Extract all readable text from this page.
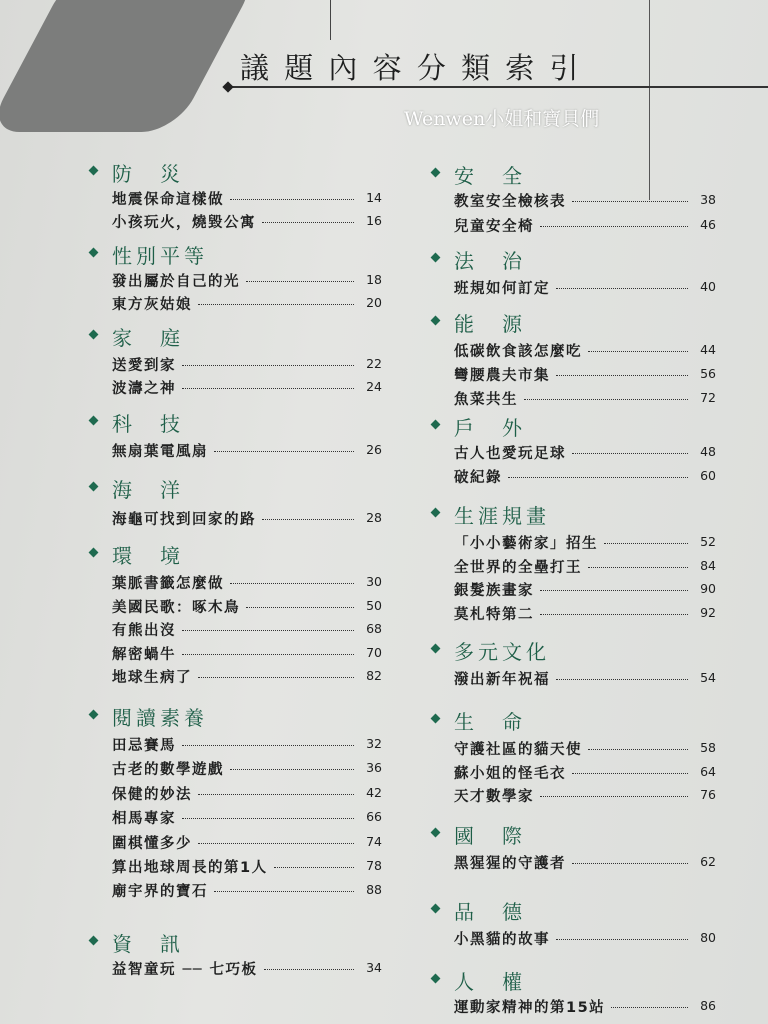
議 題 內 容 分 類 索 引
Wenwen小姐和寶貝們
防　災
地震保命這樣做	14
小孩玩火，燒毀公寓	16
性別平等
發出屬於自己的光	18
東方灰姑娘	20
家　庭
送愛到家	22
波濤之神	24
科　技
無扇葉電風扇	26
海　洋
海龜可找到回家的路	28
環　境
葉脈書籤怎麼做	30
美國民歌：啄木鳥	50
有熊出沒	68
解密蝸牛	70
地球生病了	82
閱讀素養
田忌賽馬	32
古老的數學遊戲	36
保健的妙法	42
相馬專家	66
圍棋懂多少	74
算出地球周長的第1人	78
廟宇界的寶石	88
資　訊
益智童玩 ── 七巧板	34
安　全
教室安全檢核表	38
兒童安全椅	46
法　治
班規如何訂定	40
能　源
低碳飲食該怎麼吃	44
彎腰農夫市集	56
魚菜共生	72
戶　外
古人也愛玩足球	48
破紀錄	60
生涯規畫
「小小藝術家」招生	52
全世界的全壘打王	84
銀髮族畫家	90
莫札特第二	92
多元文化
潑出新年祝福	54
生　命
守護社區的貓天使	58
蘇小姐的怪毛衣	64
天才數學家	76
國　際
黑猩猩的守護者	62
品　德
小黑貓的故事	80
人　權
運動家精神的第15站	86
